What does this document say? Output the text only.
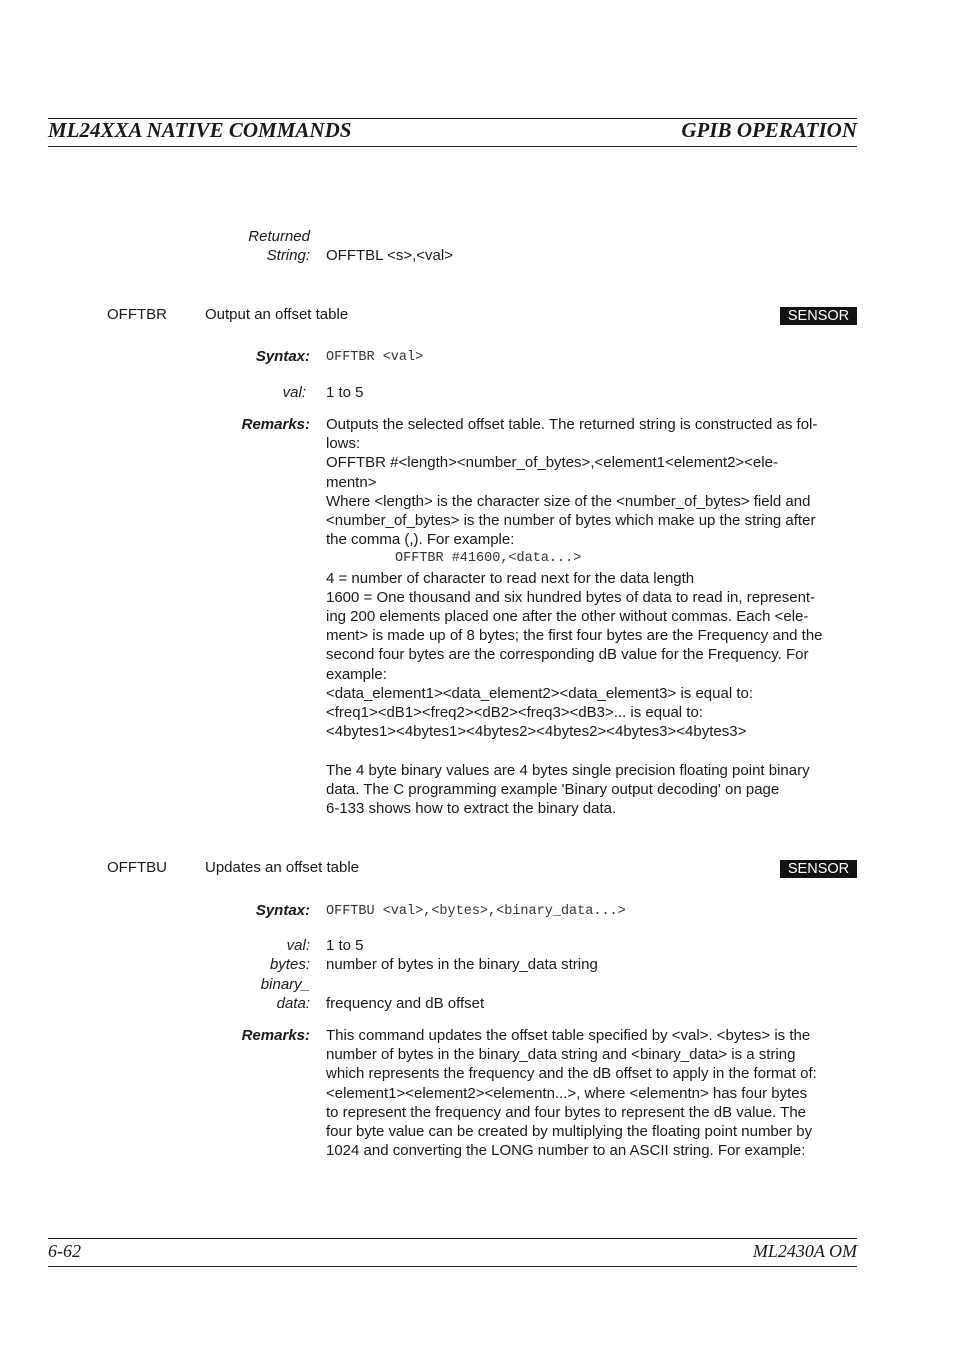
ML24XXA NATIVE COMMANDS	GPIB OPERATION
Returned
String: OFFTBL <s>,<val>
OFFTBR	Output an offset table	SENSOR
Syntax: OFFTBR <val>
val: 1 to 5
Remarks: Outputs the selected offset table. The returned string is constructed as fol-
lows:
OFFTBR #<length><number_of_bytes>,<element1<element2><ele-
mentn>
Where <length> is the character size of the <number_of_bytes> field and
<number_of_bytes> is the number of bytes which make up the string after
the comma (,). For example:
OFFTBR #41600,<data...>
4 = number of character to read next for the data length
1600 = One thousand and six hundred bytes of data to read in, represent-
ing 200 elements placed one after the other without commas. Each <ele-
ment> is made up of 8 bytes; the first four bytes are the Frequency and the
second four bytes are the corresponding dB value for the Frequency. For
example:
<data_element1><data_element2><data_element3> is equal to:
<freq1><dB1><freq2><dB2><freq3><dB3>... is equal to:
<4bytes1><4bytes1><4bytes2><4bytes2><4bytes3><4bytes3>
The 4 byte binary values are 4 bytes single precision floating point binary
data. The C programming example 'Binary output decoding' on page
6-133 shows how to extract the binary data.
OFFTBU	Updates an offset table	SENSOR
Syntax: OFFTBU <val>,<bytes>,<binary_data...>
val: 1 to 5
bytes: number of bytes in the binary_data string
binary_
data: frequency and dB offset
Remarks: This command updates the offset table specified by <val>. <bytes> is the
number of bytes in the binary_data string and <binary_data> is a string
which represents the frequency and the dB offset to apply in the format of:
<element1><element2><elementn...>, where <elementn> has four bytes
to represent the frequency and four bytes to represent the dB value. The
four byte value can be created by multiplying the floating point number by
1024 and converting the LONG number to an ASCII string. For example:
6-62	ML2430A OM
